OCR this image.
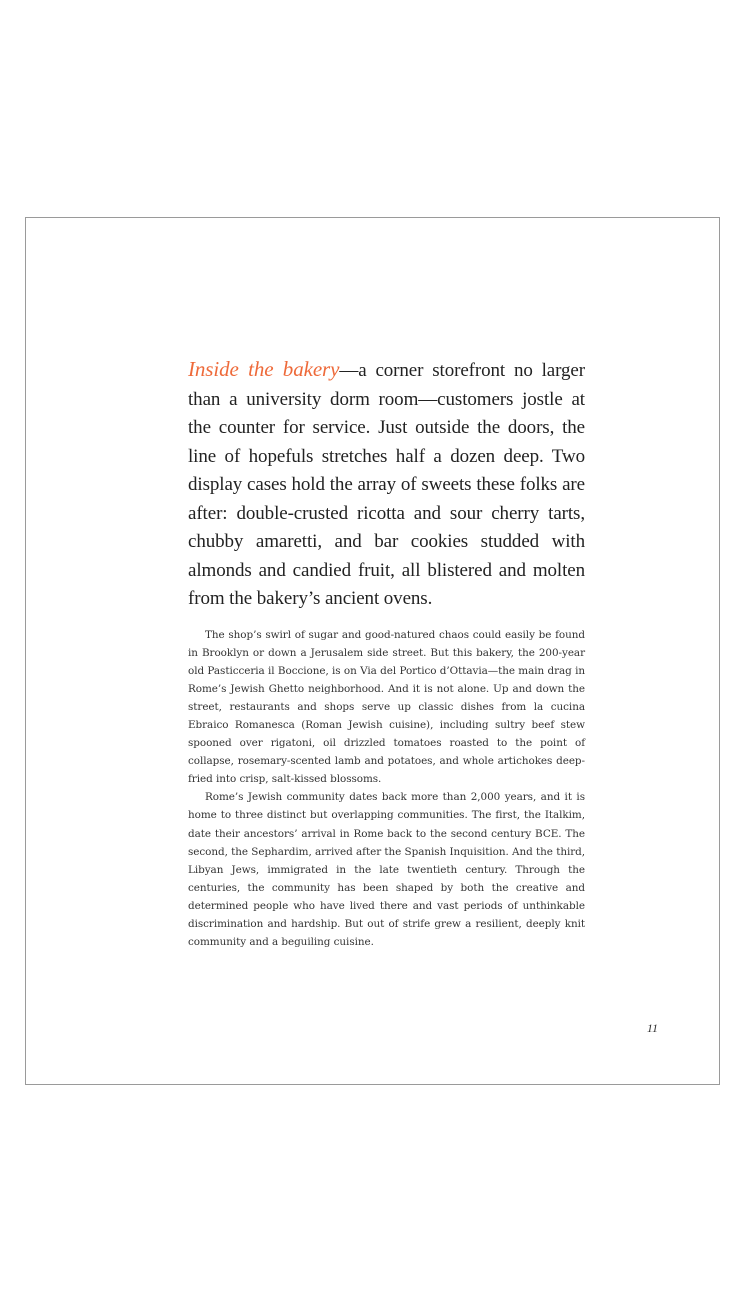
Inside the bakery—a corner storefront no larger than a university dorm room—customers jostle at the counter for service. Just outside the doors, the line of hopefuls stretches half a dozen deep. Two display cases hold the array of sweets these folks are after: double-crusted ricotta and sour cherry tarts, chubby amaretti, and bar cookies studded with almonds and candied fruit, all blistered and molten from the bakery’s ancient ovens.

The shop’s swirl of sugar and good-natured chaos could easily be found in Brooklyn or down a Jerusalem side street. But this bakery, the 200-year old Pasticceria il Boccione, is on Via del Portico d’Ottavia—the main drag in Rome’s Jewish Ghetto neighborhood. And it is not alone. Up and down the street, restaurants and shops serve up classic dishes from la cucina Ebraico Romanesca (Roman Jewish cuisine), including sultry beef stew spooned over rigatoni, oil drizzled tomatoes roasted to the point of collapse, rosemary-scented lamb and potatoes, and whole artichokes deep-fried into crisp, salt-kissed blossoms.

Rome’s Jewish community dates back more than 2,000 years, and it is home to three distinct but overlapping communities. The first, the Italkim, date their ancestors’ arrival in Rome back to the second century BCE. The second, the Sephardim, arrived after the Spanish Inquisition. And the third, Libyan Jews, immigrated in the late twentieth century. Through the centuries, the community has been shaped by both the creative and determined people who have lived there and vast periods of unthinkable discrimination and hardship. But out of strife grew a resilient, deeply knit community and a beguiling cuisine.

11
